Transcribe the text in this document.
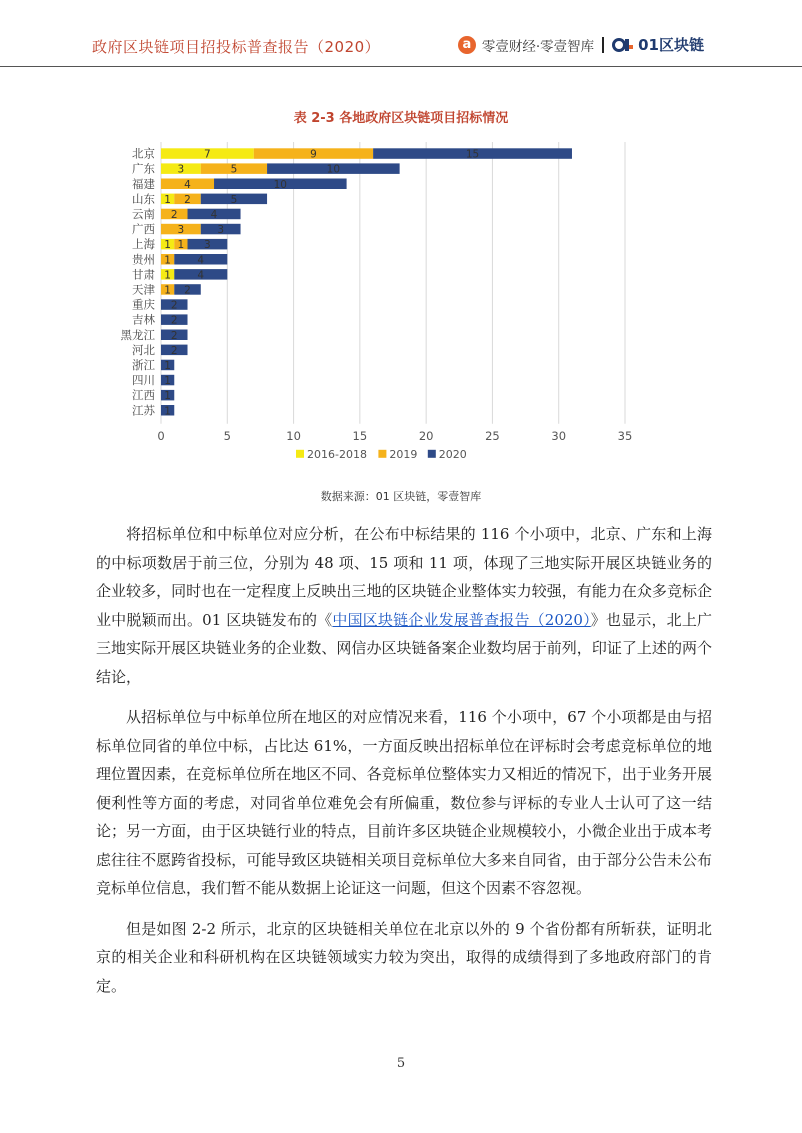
政府区块链项目招投标普查报告（2020）	a 零壹财经·零壹智库	01区块链
表 2-3 各地政府区块链项目招标情况
0	5	10	15	20	25	30	35
北京	7	9	15
广东 3	5	10
福建	4	10
山东 1 2	5
云南 2	4
广西 3	3
上海 1 1 3
贵州 1	4
甘肃 1	4
天津 1 2
重庆 2
吉林 2
黑龙江 2
河北 2
浙江 1
四川 1
江西 1
江苏 1
2016-2018 2019 2020
数据来源：01 区块链，零壹智库

将招标单位和中标单位对应分析，在公布中标结果的 116 个小项中，北京、广东和上海的中标项数居于前三位，分别为 48 项、15 项和 11 项，体现了三地实际开展区块链业务的企业较多，同时也在一定程度上反映出三地的区块链企业整体实力较强，有能力在众多竞标企业中脱颖而出。01 区块链发布的《中国区块链企业发展普查报告（2020）》也显示，北上广三地实际开展区块链业务的企业数、网信办区块链备案企业数均居于前列，印证了上述的两个结论，

从招标单位与中标单位所在地区的对应情况来看，116 个小项中，67 个小项都是由与招标单位同省的单位中标，占比达 61%，一方面反映出招标单位在评标时会考虑竞标单位的地理位置因素，在竞标单位所在地区不同、各竞标单位整体实力又相近的情况下，出于业务开展便利性等方面的考虑，对同省单位难免会有所偏重，数位参与评标的专业人士认可了这一结论；另一方面，由于区块链行业的特点，目前许多区块链企业规模较小，小微企业出于成本考虑往往不愿跨省投标，可能导致区块链相关项目竞标单位大多来自同省，由于部分公告未公布竞标单位信息，我们暂不能从数据上论证这一问题，但这个因素不容忽视。

但是如图 2-2 所示，北京的区块链相关单位在北京以外的 9 个省份都有所斩获，证明北京的相关企业和科研机构在区块链领域实力较为突出，取得的成绩得到了多地政府部门的肯定。

5
